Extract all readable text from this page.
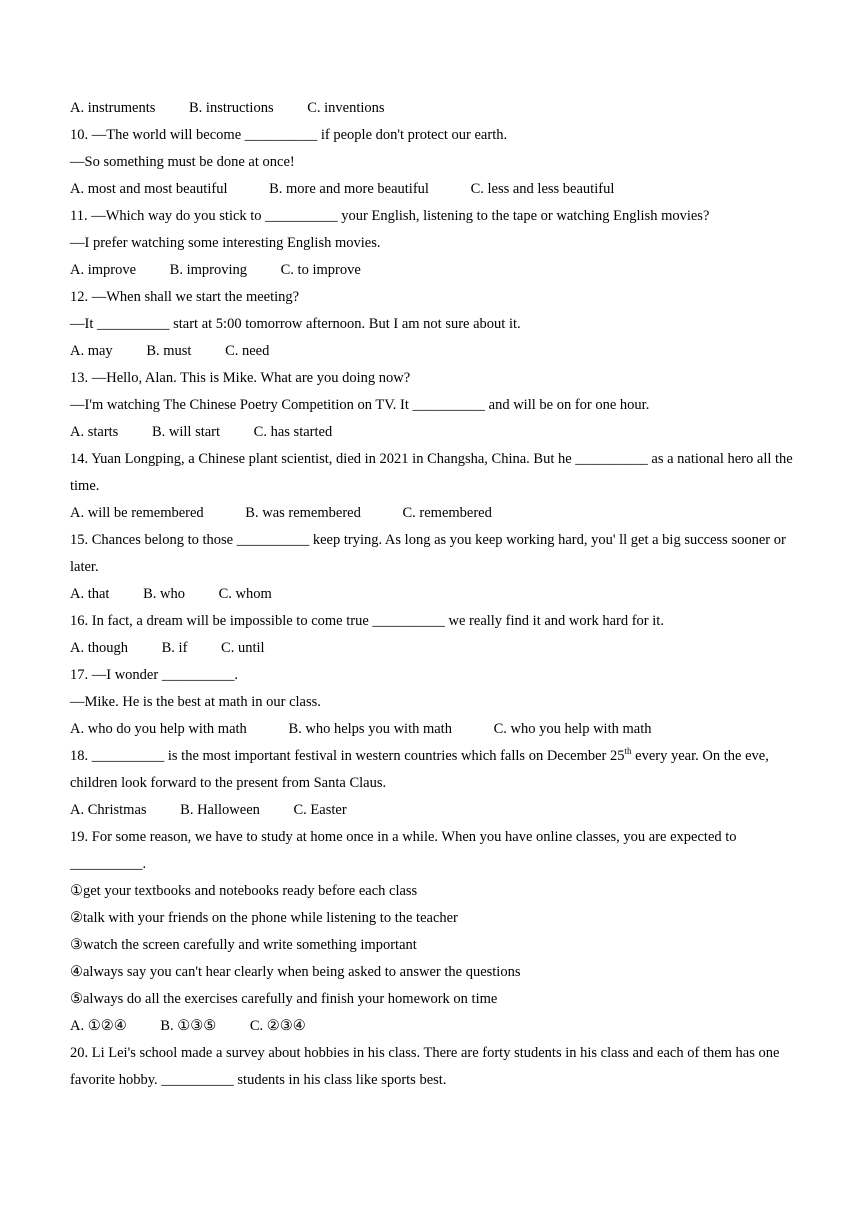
A. instruments B. instructions C. inventions
10. —The world will become __________ if people don't protect our earth.
—So something must be done at once!
A. most and most beautiful	B. more and more beautiful	C. less and less beautiful
11. —Which way do you stick to __________ your English, listening to the tape or watching English movies?
—I prefer watching some interesting English movies.
A. improve B. improving C. to improve
12. —When shall we start the meeting?
—It __________ start at 5:00 tomorrow afternoon. But I am not sure about it.
A. may B. must C. need
13. —Hello, Alan. This is Mike. What are you doing now?
—I'm watching The Chinese Poetry Competition on TV. It __________ and will be on for one hour.
A. starts B. will start C. has started
14. Yuan Longping, a Chinese plant scientist, died in 2021 in Changsha, China. But he __________ as a national hero all the time.
A. will be remembered	B. was remembered	C. remembered
15. Chances belong to those __________ keep trying. As long as you keep working hard, you' ll get a big success sooner or later.
A. that B. who C. whom
16. In fact, a dream will be impossible to come true __________ we really find it and work hard for it.
A. though B. if C. until
17. —I wonder __________.
—Mike. He is the best at math in our class.
A. who do you help with math	B. who helps you with math	C. who you help with math
18. __________ is the most important festival in western countries which falls on December 25th every year. On the eve, children look forward to the present from Santa Claus.
A. Christmas B. Halloween C. Easter
19. For some reason, we have to study at home once in a while. When you have online classes, you are expected to __________.
①get your textbooks and notebooks ready before each class
②talk with your friends on the phone while listening to the teacher
③watch the screen carefully and write something important
④always say you can't hear clearly when being asked to answer the questions
⑤always do all the exercises carefully and finish your homework on time
A. ①②④ B. ①③⑤ C. ②③④
20. Li Lei's school made a survey about hobbies in his class. There are forty students in his class and each of them has one favorite hobby. __________ students in his class like sports best.
